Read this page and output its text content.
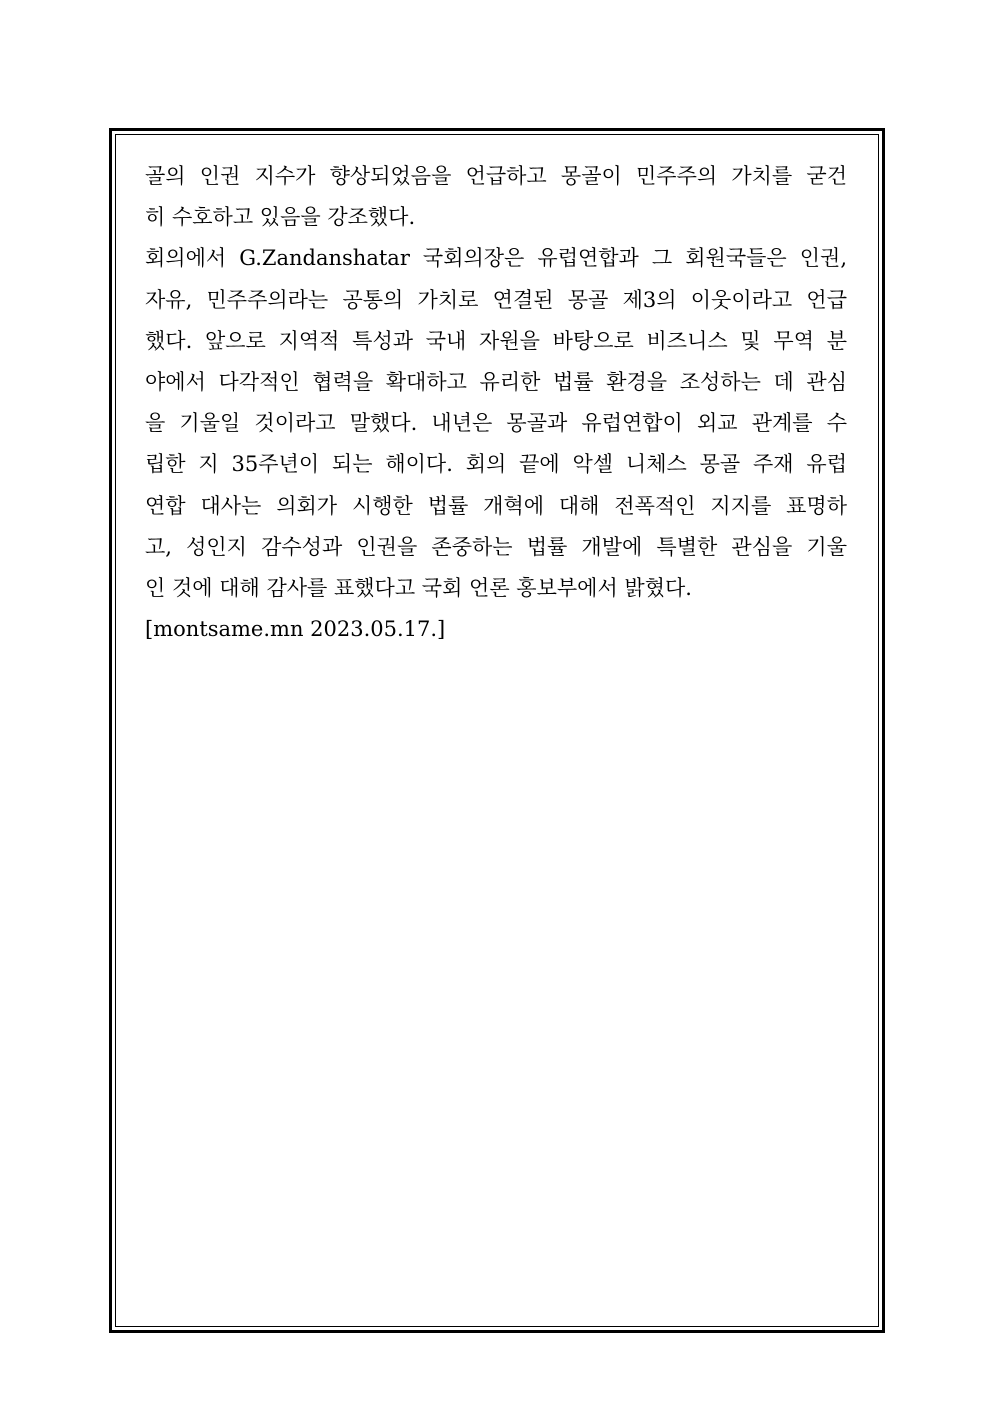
골의 인권 지수가 향상되었음을 언급하고 몽골이 민주주의 가치를 굳건
히 수호하고 있음을 강조했다.
회의에서 G.Zandanshatar 국회의장은 유럽연합과 그 회원국들은 인권,
자유, 민주주의라는 공통의 가치로 연결된 몽골 제3의 이웃이라고 언급
했다. 앞으로 지역적 특성과 국내 자원을 바탕으로 비즈니스 및 무역 분
야에서 다각적인 협력을 확대하고 유리한 법률 환경을 조성하는 데 관심
을 기울일 것이라고 말했다. 내년은 몽골과 유럽연합이 외교 관계를 수
립한 지 35주년이 되는 해이다. 회의 끝에 악셀 니체스 몽골 주재 유럽
연합 대사는 의회가 시행한 법률 개혁에 대해 전폭적인 지지를 표명하
고, 성인지 감수성과 인권을 존중하는 법률 개발에 특별한 관심을 기울
인 것에 대해 감사를 표했다고 국회 언론 홍보부에서 밝혔다.
[montsame.mn 2023.05.17.]
